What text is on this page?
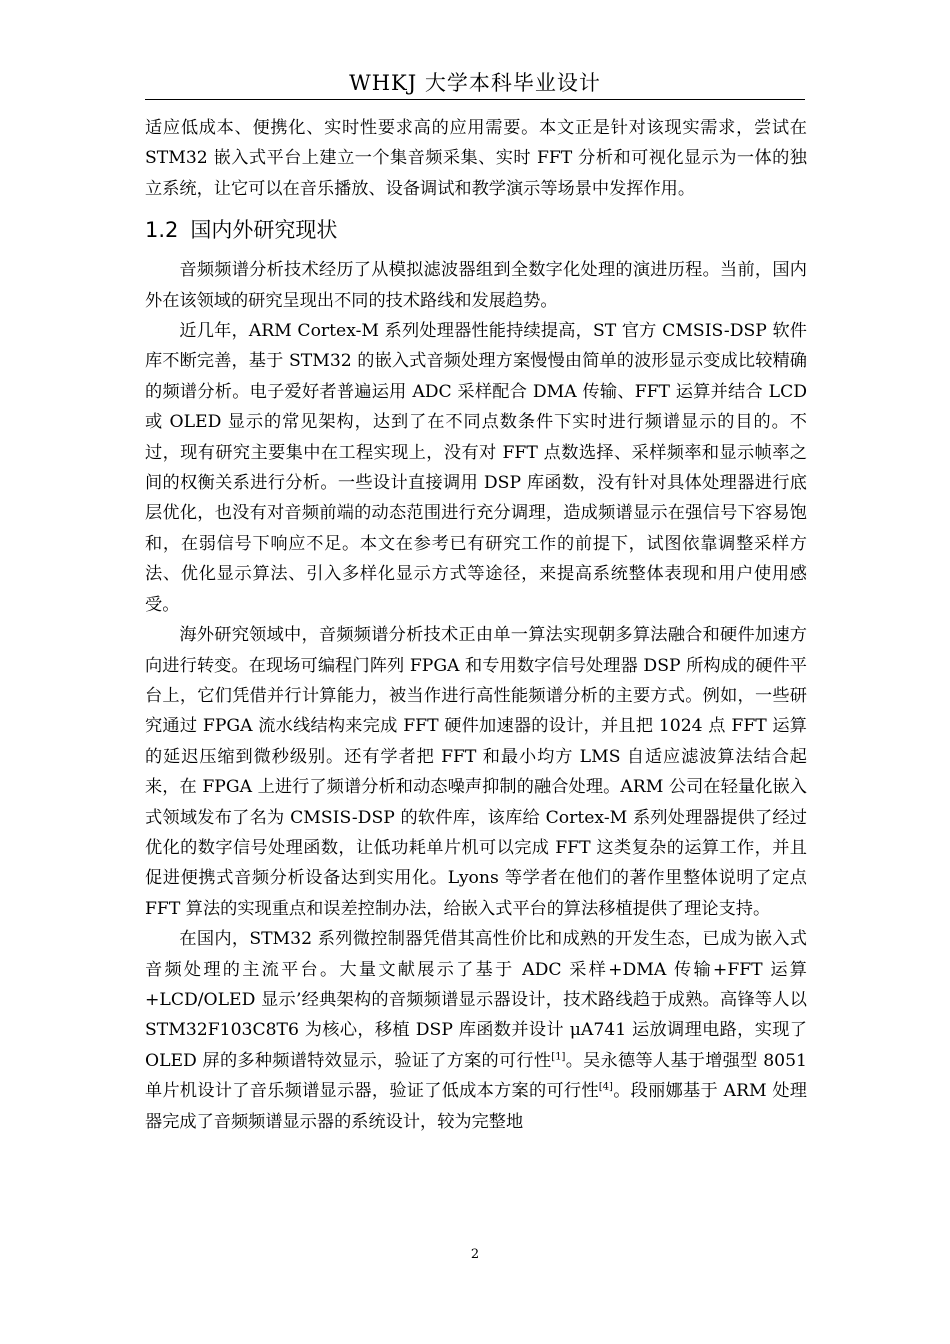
WHKJ 大学本科毕业设计

适应低成本、便携化、实时性要求高的应用需要。本文正是针对该现实需求，尝试在 STM32 嵌入式平台上建立一个集音频采集、实时 FFT 分析和可视化显示为一体的独立系统，让它可以在音乐播放、设备调试和教学演示等场景中发挥作用。

1.2 国内外研究现状

音频频谱分析技术经历了从模拟滤波器组到全数字化处理的演进历程。当前，国内外在该领域的研究呈现出不同的技术路线和发展趋势。

近几年，ARM Cortex-M 系列处理器性能持续提高，ST 官方 CMSIS-DSP 软件库不断完善，基于 STM32 的嵌入式音频处理方案慢慢由简单的波形显示变成比较精确的频谱分析。电子爱好者普遍运用 ADC 采样配合 DMA 传输、FFT 运算并结合 LCD 或 OLED 显示的常见架构，达到了在不同点数条件下实时进行频谱显示的目的。不过，现有研究主要集中在工程实现上，没有对 FFT 点数选择、采样频率和显示帧率之间的权衡关系进行分析。一些设计直接调用 DSP 库函数，没有针对具体处理器进行底层优化，也没有对音频前端的动态范围进行充分调理，造成频谱显示在强信号下容易饱和，在弱信号下响应不足。本文在参考已有研究工作的前提下，试图依靠调整采样方法、优化显示算法、引入多样化显示方式等途径，来提高系统整体表现和用户使用感受。

海外研究领域中，音频频谱分析技术正由单一算法实现朝多算法融合和硬件加速方向进行转变。在现场可编程门阵列 FPGA 和专用数字信号处理器 DSP 所构成的硬件平台上，它们凭借并行计算能力，被当作进行高性能频谱分析的主要方式。例如，一些研究通过 FPGA 流水线结构来完成 FFT 硬件加速器的设计，并且把 1024 点 FFT 运算的延迟压缩到微秒级别。还有学者把 FFT 和最小均方 LMS 自适应滤波算法结合起来，在 FPGA 上进行了频谱分析和动态噪声抑制的融合处理。ARM 公司在轻量化嵌入式领域发布了名为 CMSIS-DSP 的软件库，该库给 Cortex-M 系列处理器提供了经过优化的数字信号处理函数，让低功耗单片机可以完成 FFT 这类复杂的运算工作，并且促进便携式音频分析设备达到实用化。Lyons 等学者在他们的著作里整体说明了定点 FFT 算法的实现重点和误差控制办法，给嵌入式平台的算法移植提供了理论支持。

在国内，STM32 系列微控制器凭借其高性价比和成熟的开发生态，已成为嵌入式音频处理的主流平台。大量文献展示了基于 ADC 采样+DMA 传输+FFT 运算+LCD/OLED 显示’经典架构的音频频谱显示器设计，技术路线趋于成熟。高锋等人以 STM32F103C8T6 为核心，移植 DSP 库函数并设计 μA741 运放调理电路，实现了 OLED 屏的多种频谱特效显示，验证了方案的可行性[1]。吴永德等人基于增强型 8051 单片机设计了音乐频谱显示器，验证了低成本方案的可行性[4]。段丽娜基于 ARM 处理器完成了音频频谱显示器的系统设计，较为完整地

2
